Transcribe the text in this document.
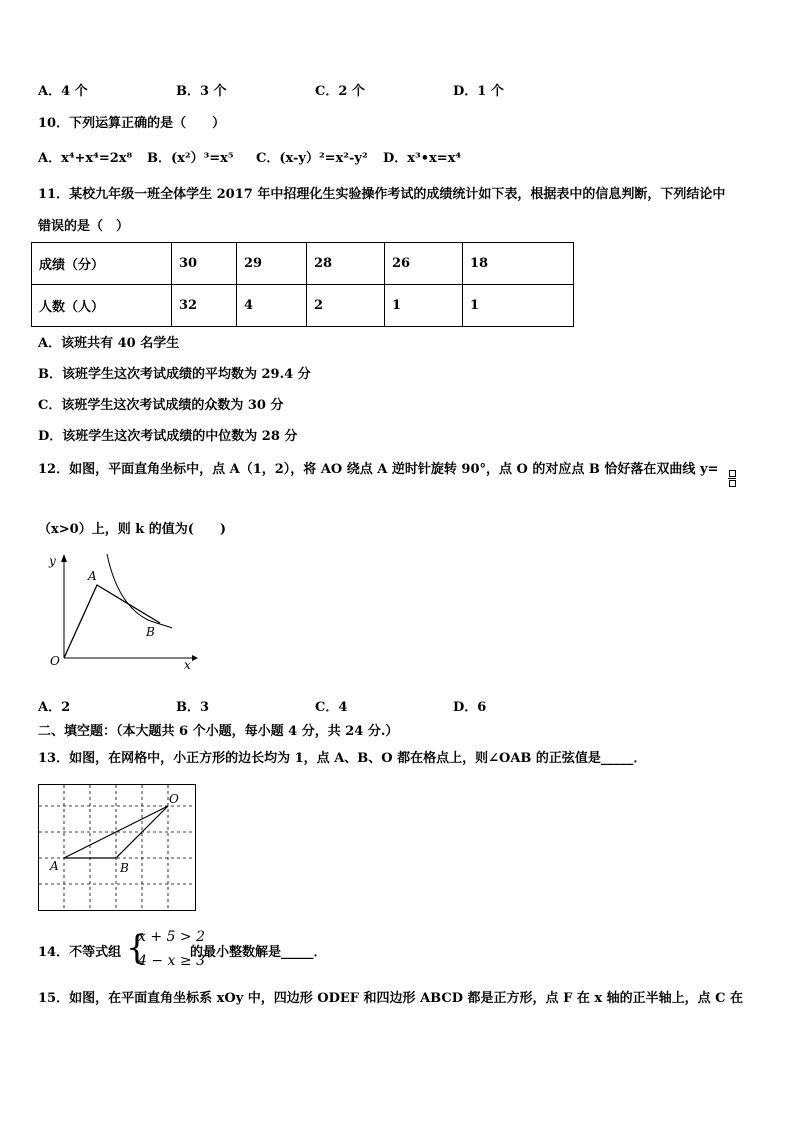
A．4 个	B．3 个	C．2 个	D．1 个
10．下列运算正确的是（　　）
A．x⁴+x⁴=2x⁸ B．(x²）³=x⁵ C．(x-y）²=x²-y² D．x³•x=x⁴
11．某校九年级一班全体学生 2017 年中招理化生实验操作考试的成绩统计如下表，根据表中的信息判断，下列结论中
错误的是（　）
成绩（分）	30	29	28	26	18
人数（人）	32	4	2	1	1
A．该班共有 40 名学生
B．该班学生这次考试成绩的平均数为 29.4 分
C．该班学生这次考试成绩的众数为 30 分
D．该班学生这次考试成绩的中位数为 28 分
12．如图，平面直角坐标中，点 A（1，2），将 AO 绕点 A 逆时针旋转 90°，点 O 的对应点 B 恰好落在双曲线 y=
（x>0）上，则 k 的值为(　　)
y
x
A
B
O
A．2	B．3	C．4	D．6
二、填空题：（本大题共 6 个小题，每小题 4 分，共 24 分.）
13．如图，在网格中，小正方形的边长均为 1，点 A、B、O 都在格点上，则∠OAB 的正弦值是_____．
O
A	B
14．不等式组 {
x + 5 > 2
4 − x ≥ 3
的最小整数解是_____．
15．如图，在平面直角坐标系 xOy 中，四边形 ODEF 和四边形 ABCD 都是正方形，点 F 在 x 轴的正半轴上，点 C 在
